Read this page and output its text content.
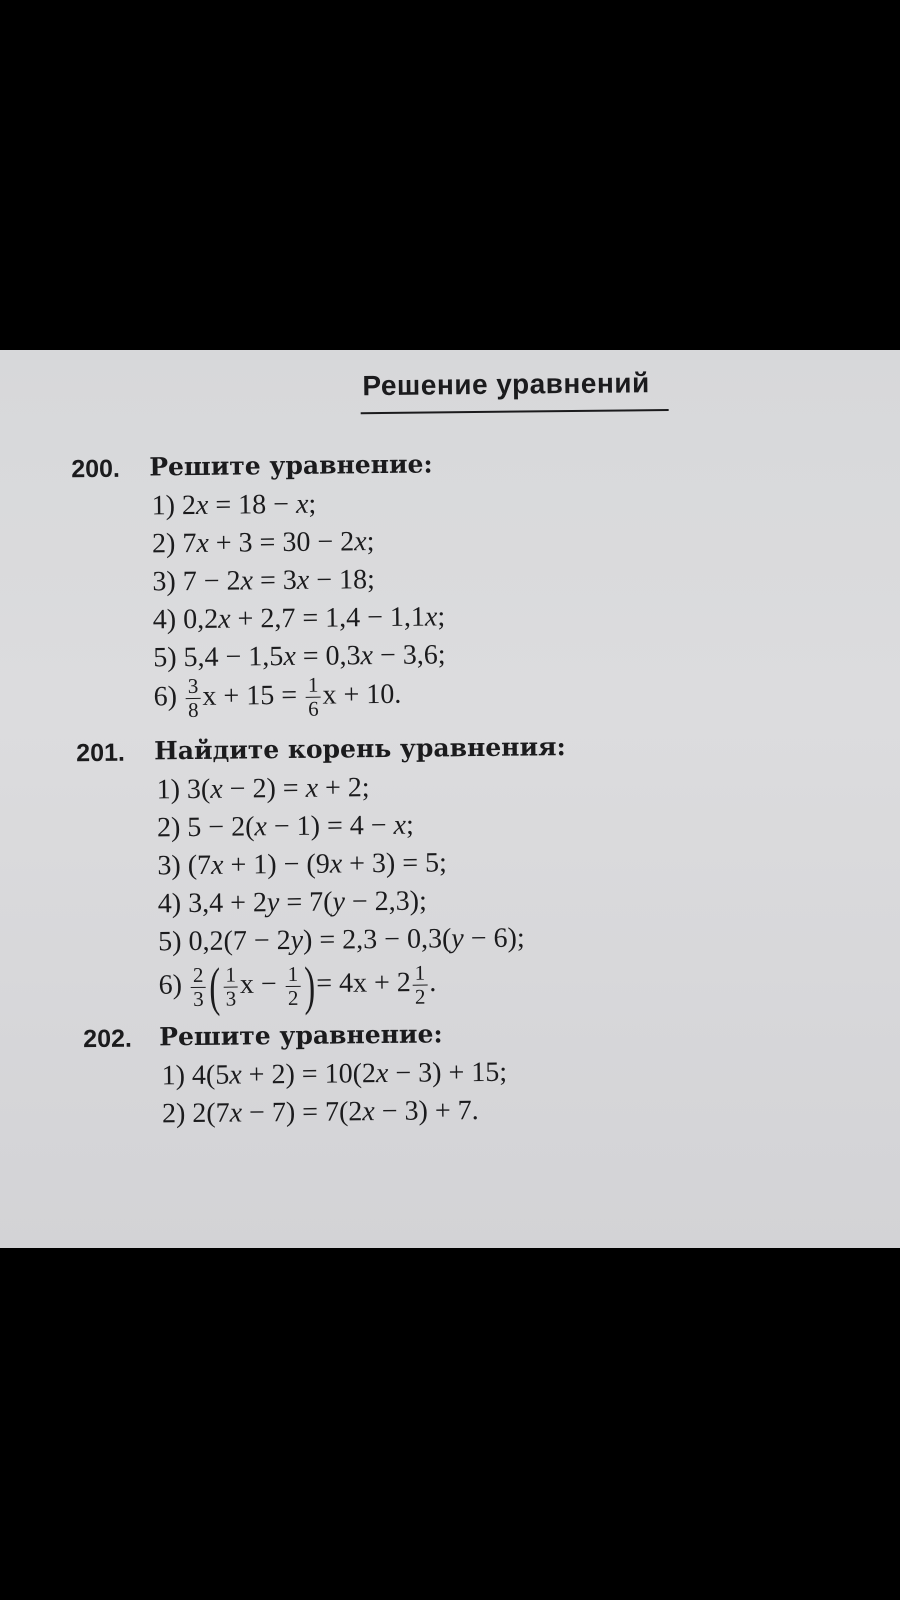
Решение уравнений
200. Решите уравнение:
1) 2x = 18 − x;
2) 7x + 3 = 30 − 2x;
3) 7 − 2x = 3x − 18;
4) 0,2x + 2,7 = 1,4 − 1,1x;
5) 5,4 − 1,5x = 0,3x − 3,6;
$6) \frac{3}{8}$ $x + 15 = \frac{1}{6}$ x + 10.
201. Найдите корень уравнения:
1) 3(x − 2) = x + 2;
2) 5 − 2(x − 1) = 4 − x;
3) (7x + 1) − (9x + 3) = 5;
4) 3,4 + 2y = 7(y − 2,3);
5) 0,2(7 − 2y) = 2,3 − 0,3(y − 6);
$6) \frac{2}{3}$ ( $\frac{1}{3}$ $x - \frac{1}{2}$ )= $4x + 2 \frac{1}{2}$ .
202. Решите уравнение:
1) 4(5x + 2) = 10(2x − 3) + 15;
2) 2(7x − 7) = 7(2x − 3) + 7.
